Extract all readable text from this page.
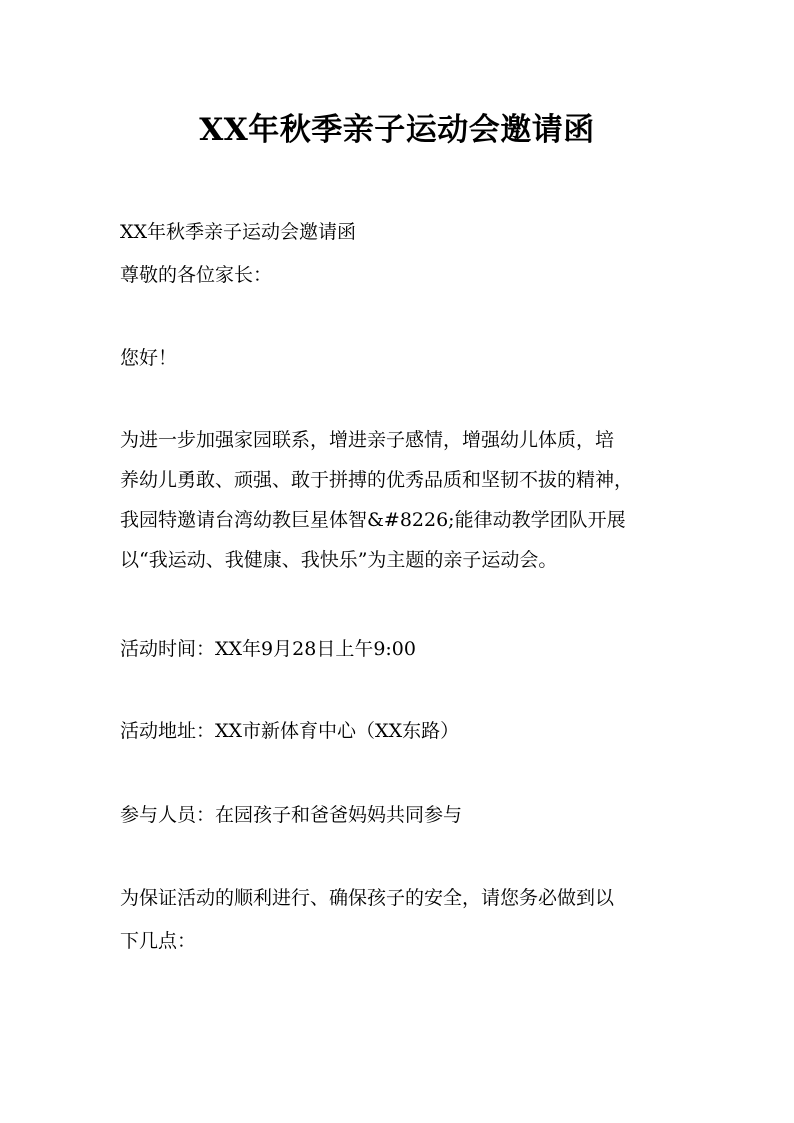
XX年秋季亲子运动会邀请函

XX年秋季亲子运动会邀请函

尊敬的各位家长：

您好！

为进一步加强家园联系，增进亲子感情，增强幼儿体质，培
养幼儿勇敢、顽强、敢于拼搏的优秀品质和坚韧不拔的精神，
我园特邀请台湾幼教巨星体智&#8226;能律动教学团队开展
以“我运动、我健康、我快乐”为主题的亲子运动会。

活动时间：XX年9月28日上午9:00

活动地址：XX市新体育中心（XX东路）

参与人员：在园孩子和爸爸妈妈共同参与

为保证活动的顺利进行、确保孩子的安全，请您务必做到以
下几点：
